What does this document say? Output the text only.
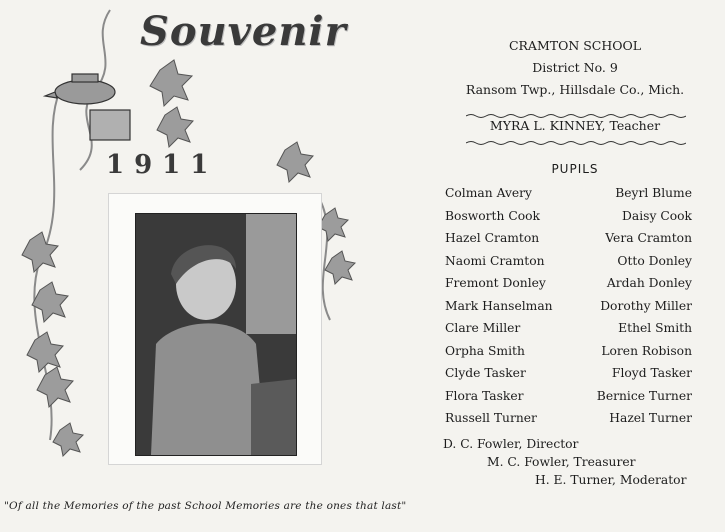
Souvenir
1911
"Of all the Memories of the past School Memories are the ones that last"
CRAMTON SCHOOL
District No. 9
Ransom Twp., Hillsdale Co., Mich.
MYRA L. KINNEY, Teacher
PUPILS
Colman Avery
Bosworth Cook
Hazel Cramton
Naomi Cramton
Fremont Donley
Mark Hanselman
Clare Miller
Orpha Smith
Clyde Tasker
Flora Tasker
Russell Turner
Beyrl Blume
Daisy Cook
Vera Cramton
Otto Donley
Ardah Donley
Dorothy Miller
Ethel Smith
Loren Robison
Floyd Tasker
Bernice Turner
Hazel Turner
D. C. Fowler, Director
M. C. Fowler, Treasurer
H. E. Turner, Moderator
